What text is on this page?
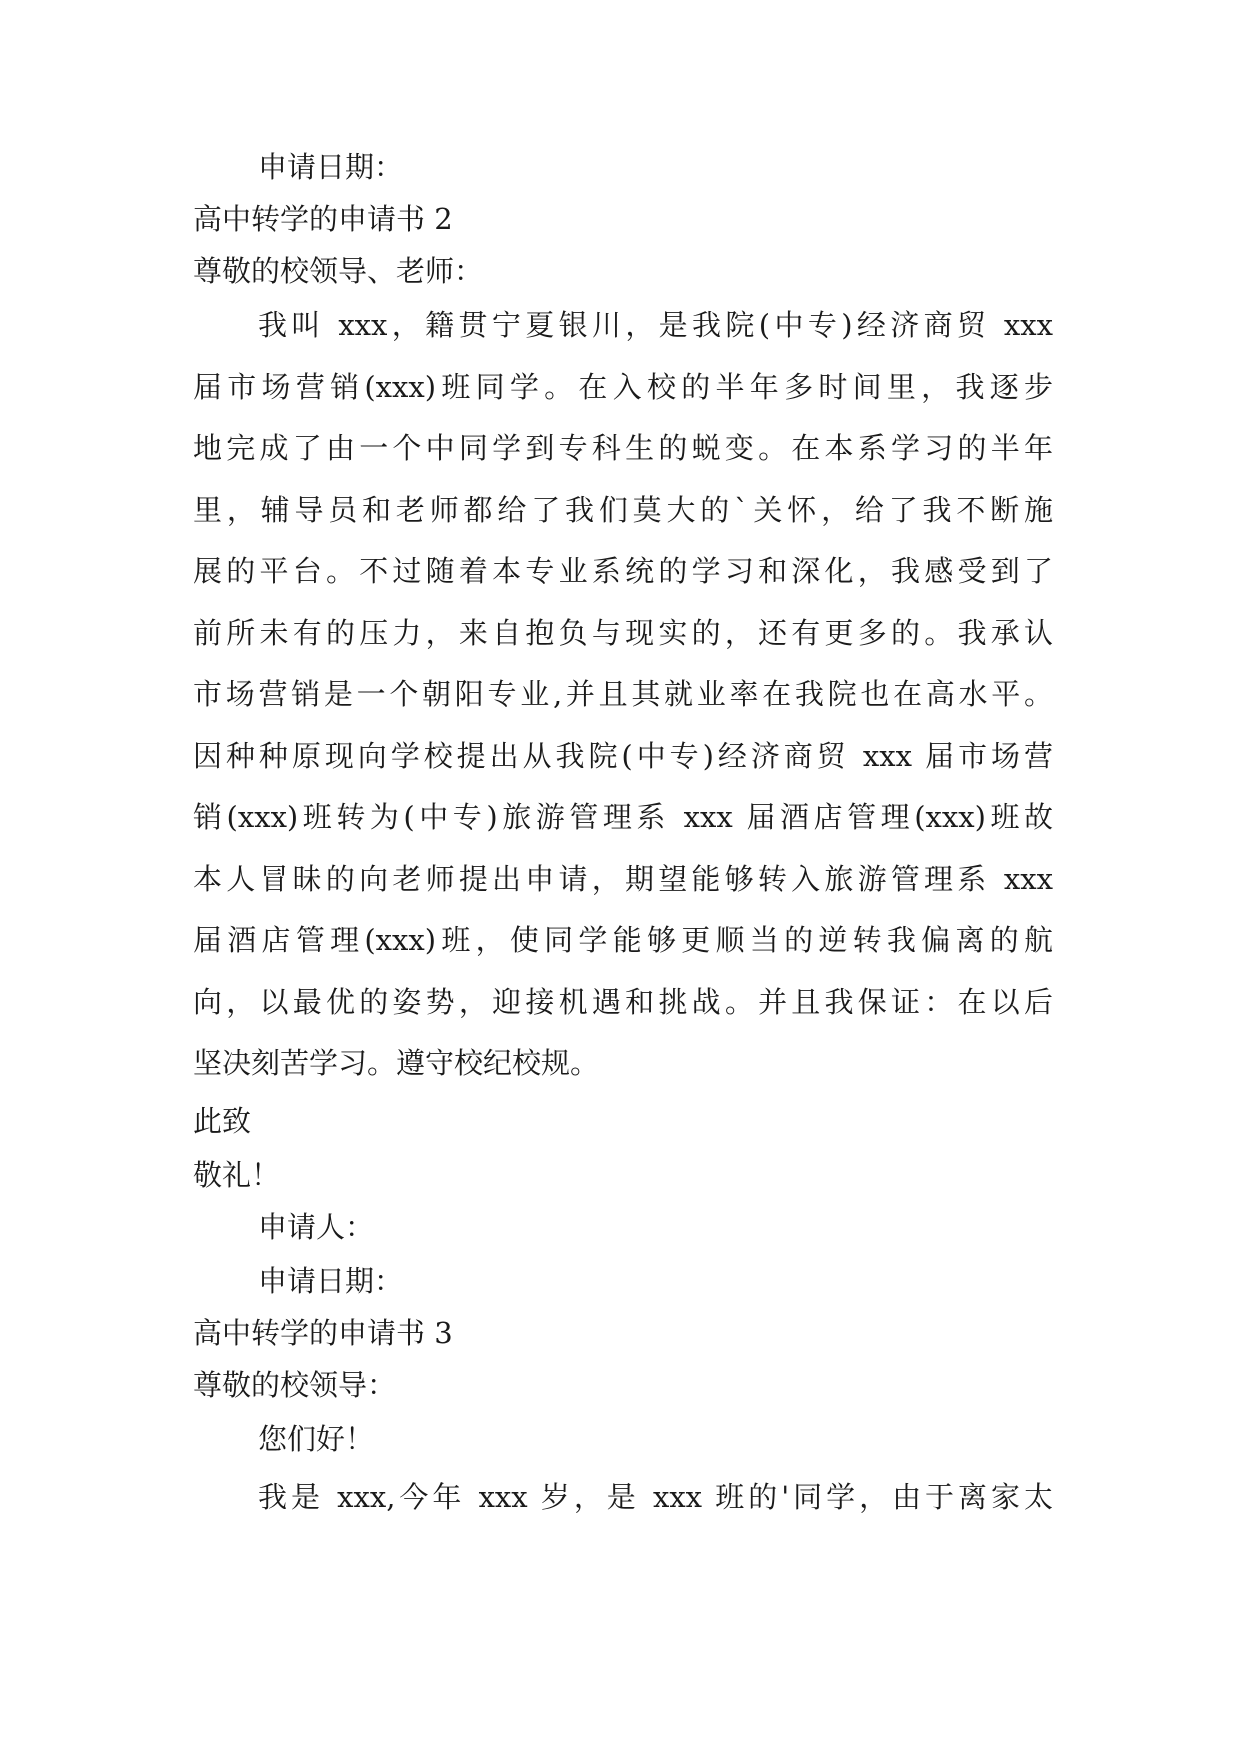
申请日期：
高中转学的申请书 2
尊敬的校领导、老师：
我叫 xxx，籍贯宁夏银川，是我院(中专)经济商贸 xxx
届市场营销(xxx)班同学。在入校的半年多时间里，我逐步
地完成了由一个中同学到专科生的蜕变。在本系学习的半年
里，辅导员和老师都给了我们莫大的`关怀，给了我不断施
展的平台。不过随着本专业系统的学习和深化，我感受到了
前所未有的压力，来自抱负与现实的，还有更多的。我承认
市场营销是一个朝阳专业,并且其就业率在我院也在高水平。
因种种原现向学校提出从我院(中专)经济商贸 xxx 届市场营
销(xxx)班转为(中专)旅游管理系 xxx 届酒店管理(xxx)班故
本人冒昧的向老师提出申请，期望能够转入旅游管理系 xxx
届酒店管理(xxx)班，使同学能够更顺当的逆转我偏离的航
向，以最优的姿势，迎接机遇和挑战。并且我保证：在以后
坚决刻苦学习。遵守校纪校规。
此致
敬礼！
申请人：
申请日期：
高中转学的申请书 3
尊敬的校领导：
您们好！
我是 xxx,今年 xxx 岁，是 xxx 班的'同学，由于离家太
